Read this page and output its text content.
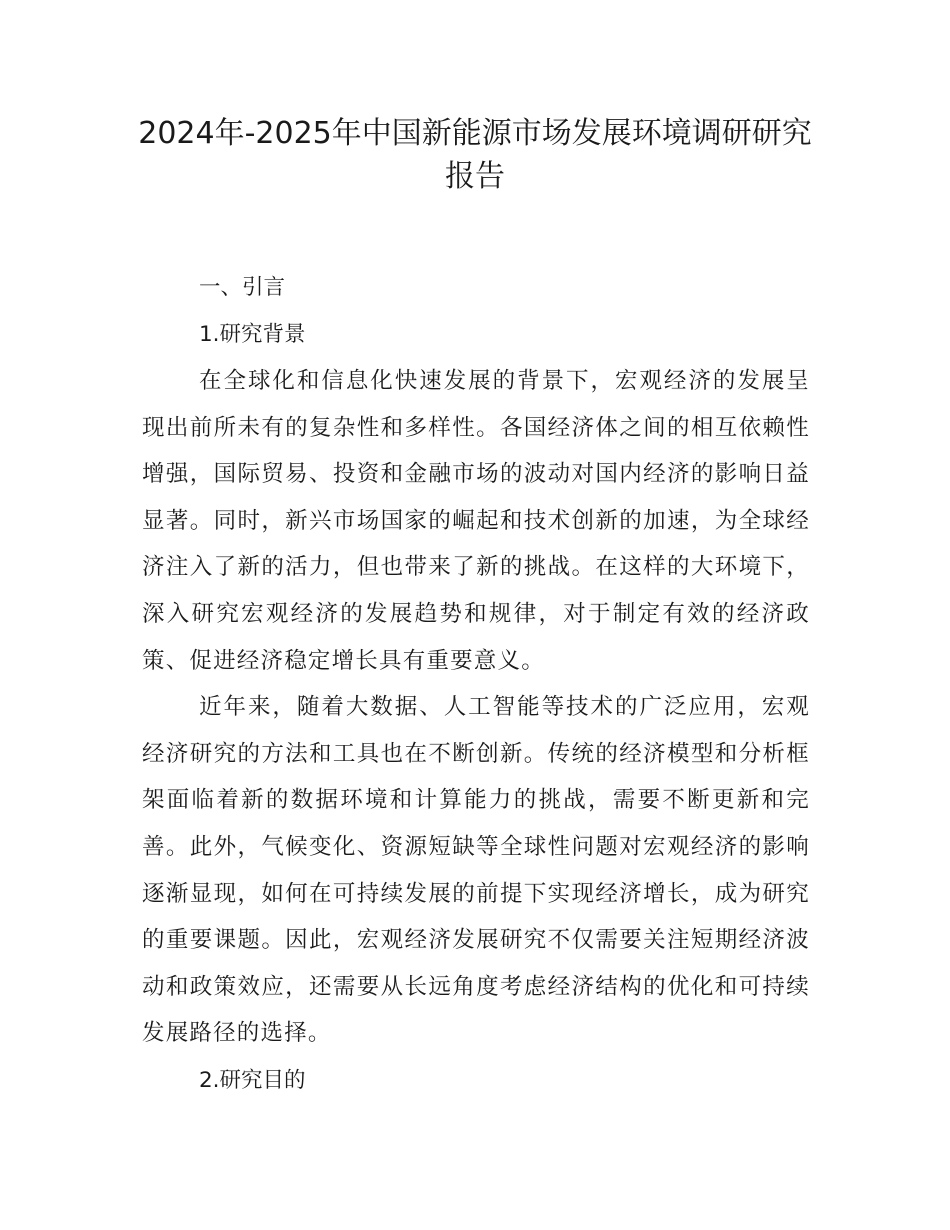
2024年-2025年中国新能源市场发展环境调研研究报告

一、引言

1.研究背景

在全球化和信息化快速发展的背景下，宏观经济的发展呈现出前所未有的复杂性和多样性。各国经济体之间的相互依赖性增强，国际贸易、投资和金融市场的波动对国内经济的影响日益显著。同时，新兴市场国家的崛起和技术创新的加速，为全球经济注入了新的活力，但也带来了新的挑战。在这样的大环境下，深入研究宏观经济的发展趋势和规律，对于制定有效的经济政策、促进经济稳定增长具有重要意义。

近年来，随着大数据、人工智能等技术的广泛应用，宏观经济研究的方法和工具也在不断创新。传统的经济模型和分析框架面临着新的数据环境和计算能力的挑战，需要不断更新和完善。此外，气候变化、资源短缺等全球性问题对宏观经济的影响逐渐显现，如何在可持续发展的前提下实现经济增长，成为研究的重要课题。因此，宏观经济发展研究不仅需要关注短期经济波动和政策效应，还需要从长远角度考虑经济结构的优化和可持续发展路径的选择。

2.研究目的
